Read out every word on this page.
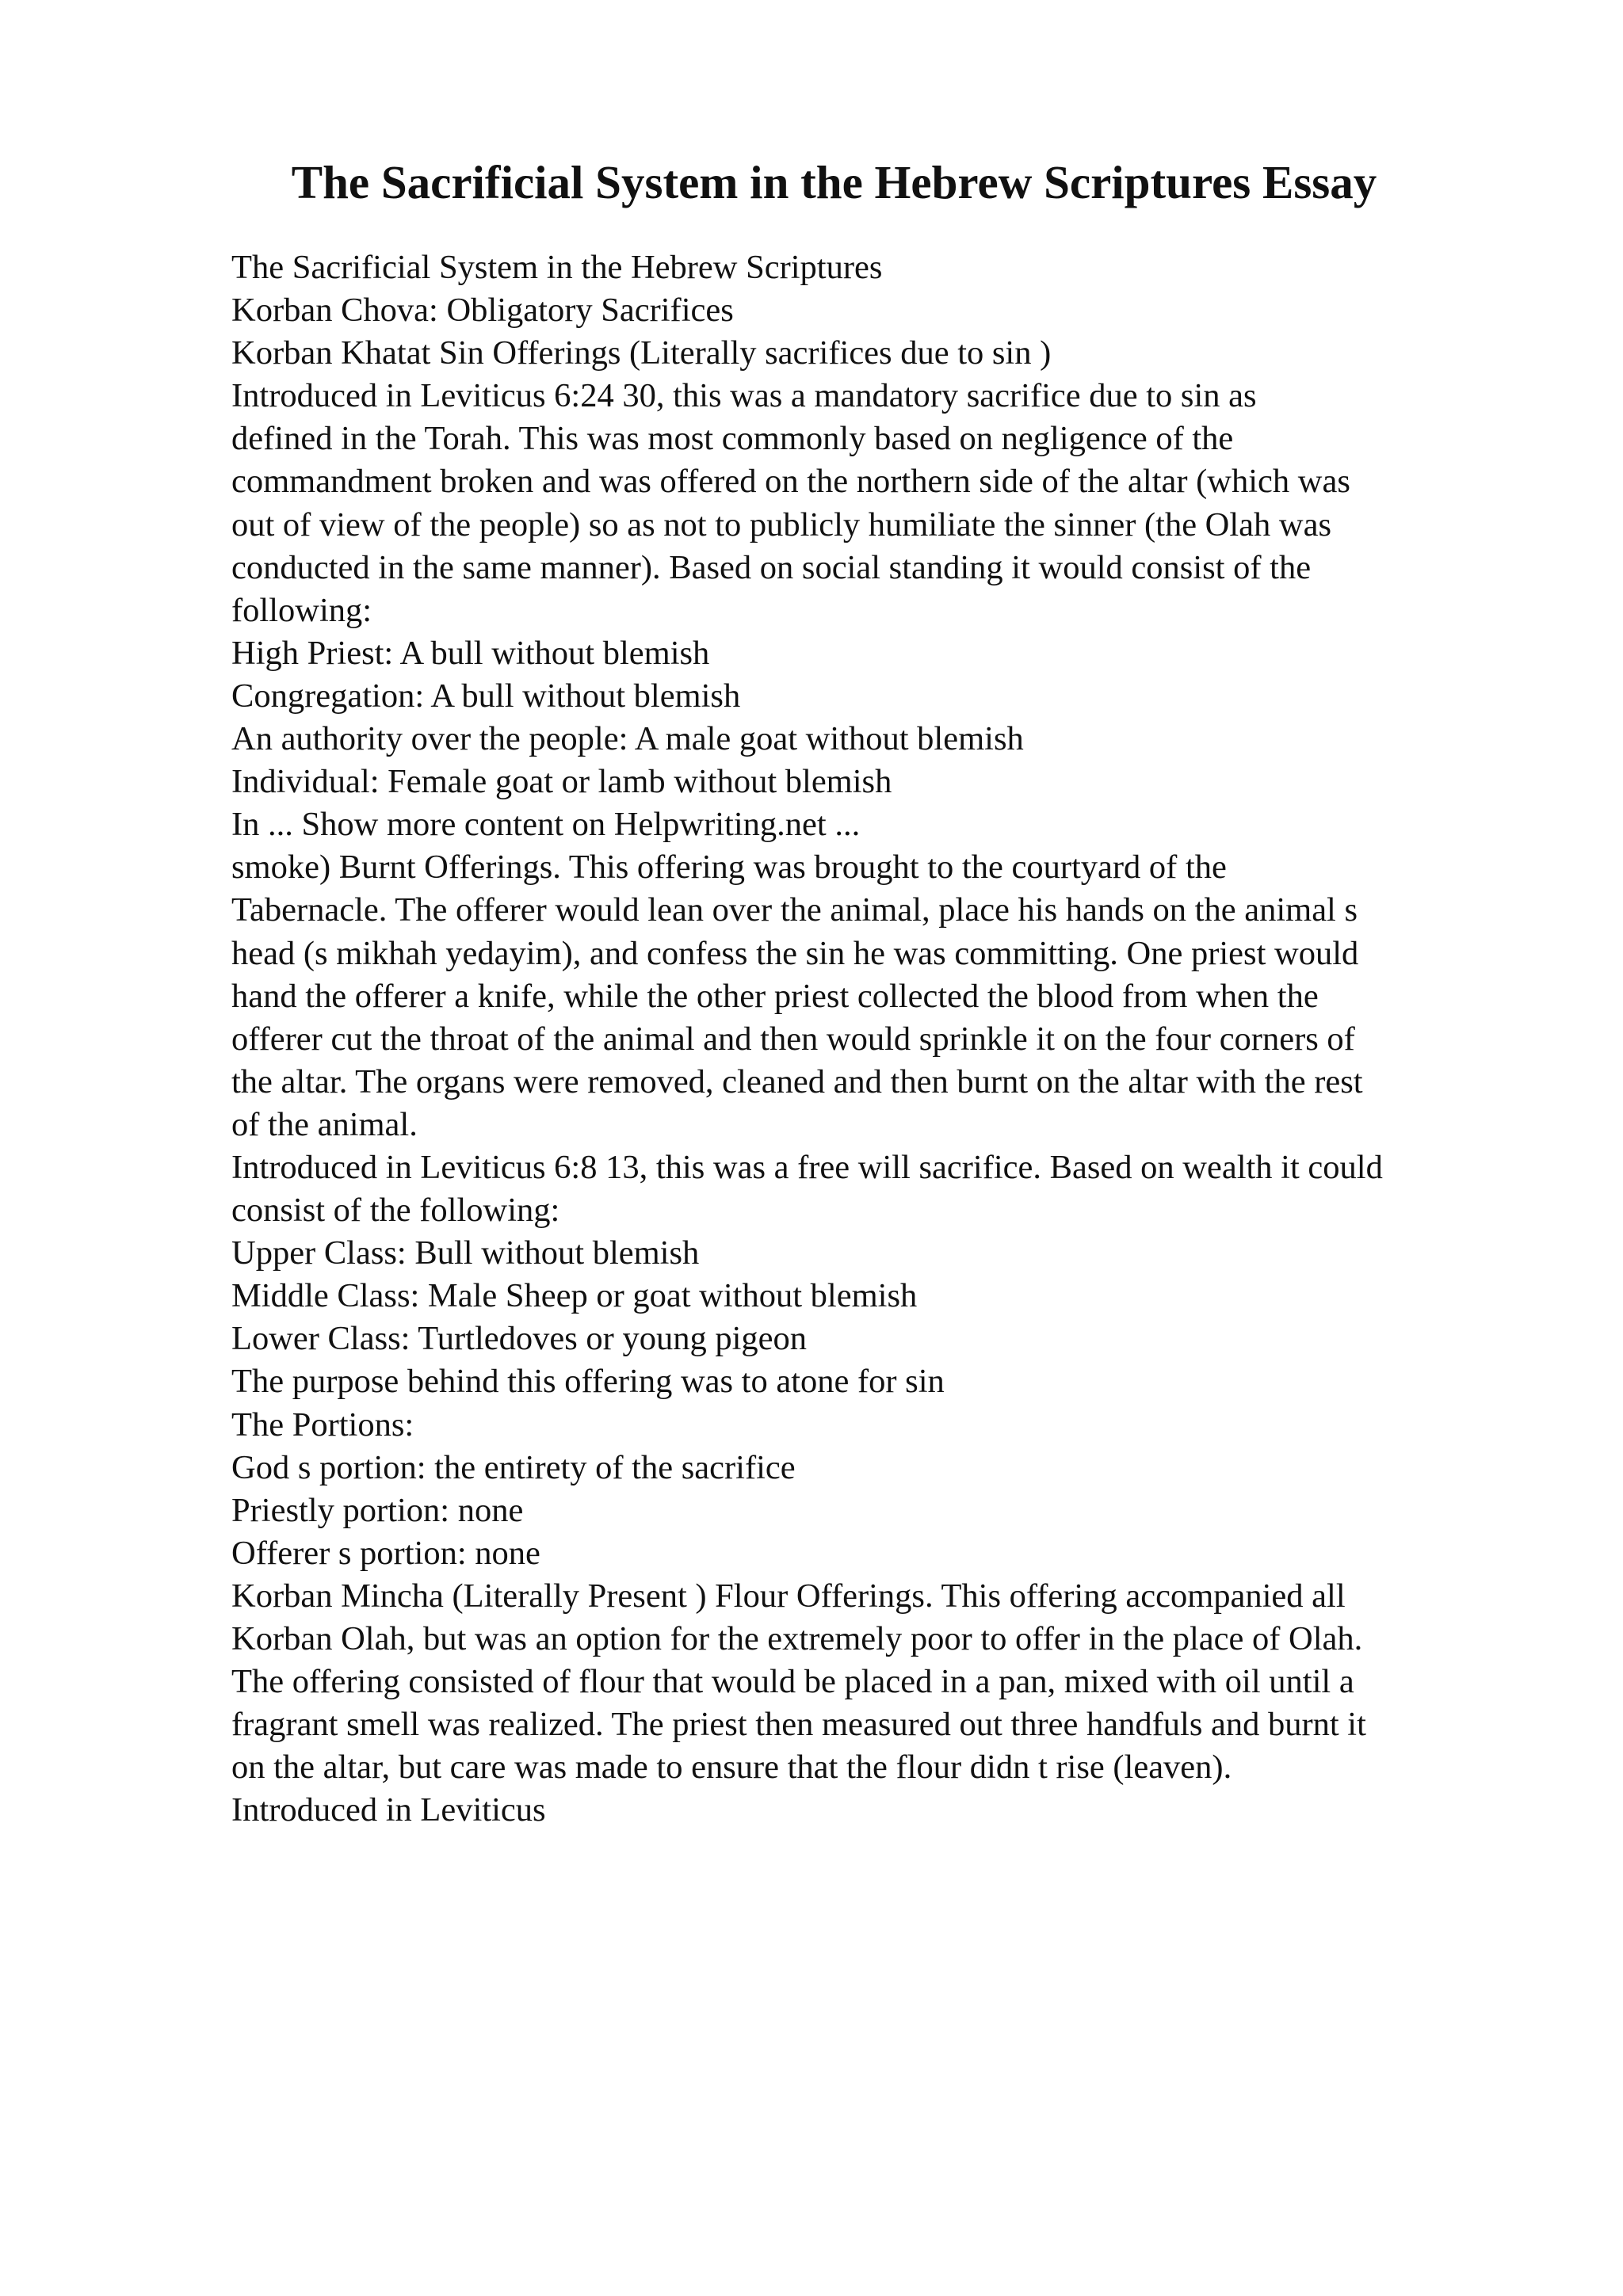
The Sacrificial System in the Hebrew Scriptures Essay
The Sacrificial System in the Hebrew Scriptures
Korban Chova: Obligatory Sacrifices
Korban Khatat Sin Offerings (Literally sacrifices due to sin )
Introduced in Leviticus 6:24 30, this was a mandatory sacrifice due to sin as
defined in the Torah. This was most commonly based on negligence of the
commandment broken and was offered on the northern side of the altar (which was
out of view of the people) so as not to publicly humiliate the sinner (the Olah was
conducted in the same manner). Based on social standing it would consist of the
following:
High Priest: A bull without blemish
Congregation: A bull without blemish
An authority over the people: A male goat without blemish
Individual: Female goat or lamb without blemish
In ... Show more content on Helpwriting.net ...
smoke) Burnt Offerings. This offering was brought to the courtyard of the
Tabernacle. The offerer would lean over the animal, place his hands on the animal s
head (s mikhah yedayim), and confess the sin he was committing. One priest would
hand the offerer a knife, while the other priest collected the blood from when the
offerer cut the throat of the animal and then would sprinkle it on the four corners of
the altar. The organs were removed, cleaned and then burnt on the altar with the rest
of the animal.
Introduced in Leviticus 6:8 13, this was a free will sacrifice. Based on wealth it could
consist of the following:
Upper Class: Bull without blemish
Middle Class: Male Sheep or goat without blemish
Lower Class: Turtledoves or young pigeon
The purpose behind this offering was to atone for sin
The Portions:
God s portion: the entirety of the sacrifice
Priestly portion: none
Offerer s portion: none
Korban Mincha (Literally Present ) Flour Offerings. This offering accompanied all
Korban Olah, but was an option for the extremely poor to offer in the place of Olah.
The offering consisted of flour that would be placed in a pan, mixed with oil until a
fragrant smell was realized. The priest then measured out three handfuls and burnt it
on the altar, but care was made to ensure that the flour didn t rise (leaven).
Introduced in Leviticus
